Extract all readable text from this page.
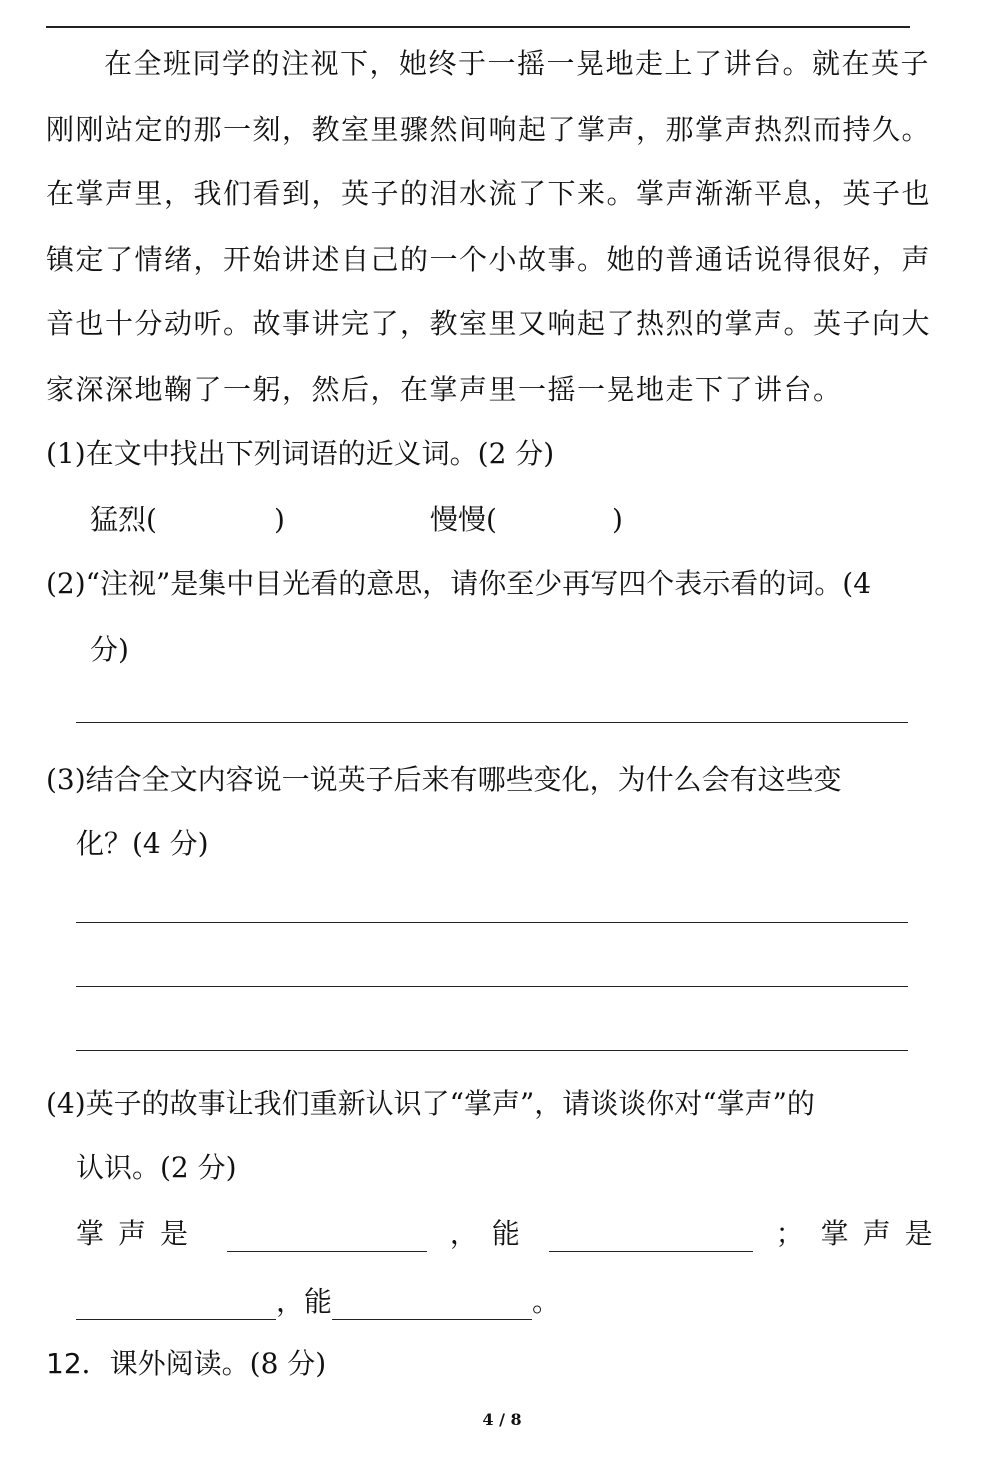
在全班同学的注视下，她终于一摇一晃地走上了讲台。就在英子
刚刚站定的那一刻，教室里骤然间响起了掌声，那掌声热烈而持久。
在掌声里，我们看到，英子的泪水流了下来。掌声渐渐平息，英子也
镇定了情绪，开始讲述自己的一个小故事。她的普通话说得很好，声
音也十分动听。故事讲完了，教室里又响起了热烈的掌声。英子向大
家深深地鞠了一躬，然后，在掌声里一摇一晃地走下了讲台。
(1)在文中找出下列词语的近义词。(2 分)
猛烈(	)	慢慢(	)
(2)“注视”是集中目光看的意思，请你至少再写四个表示看的词。(4
分)
(3)结合全文内容说一说英子后来有哪些变化，为什么会有这些变
化？(4 分)
(4)英子的故事让我们重新认识了“掌声”，请谈谈你对“掌声”的
认识。(2 分)
掌声是	，能	； 掌声是
，能	。
12．课外阅读。(8 分)
4 / 8
